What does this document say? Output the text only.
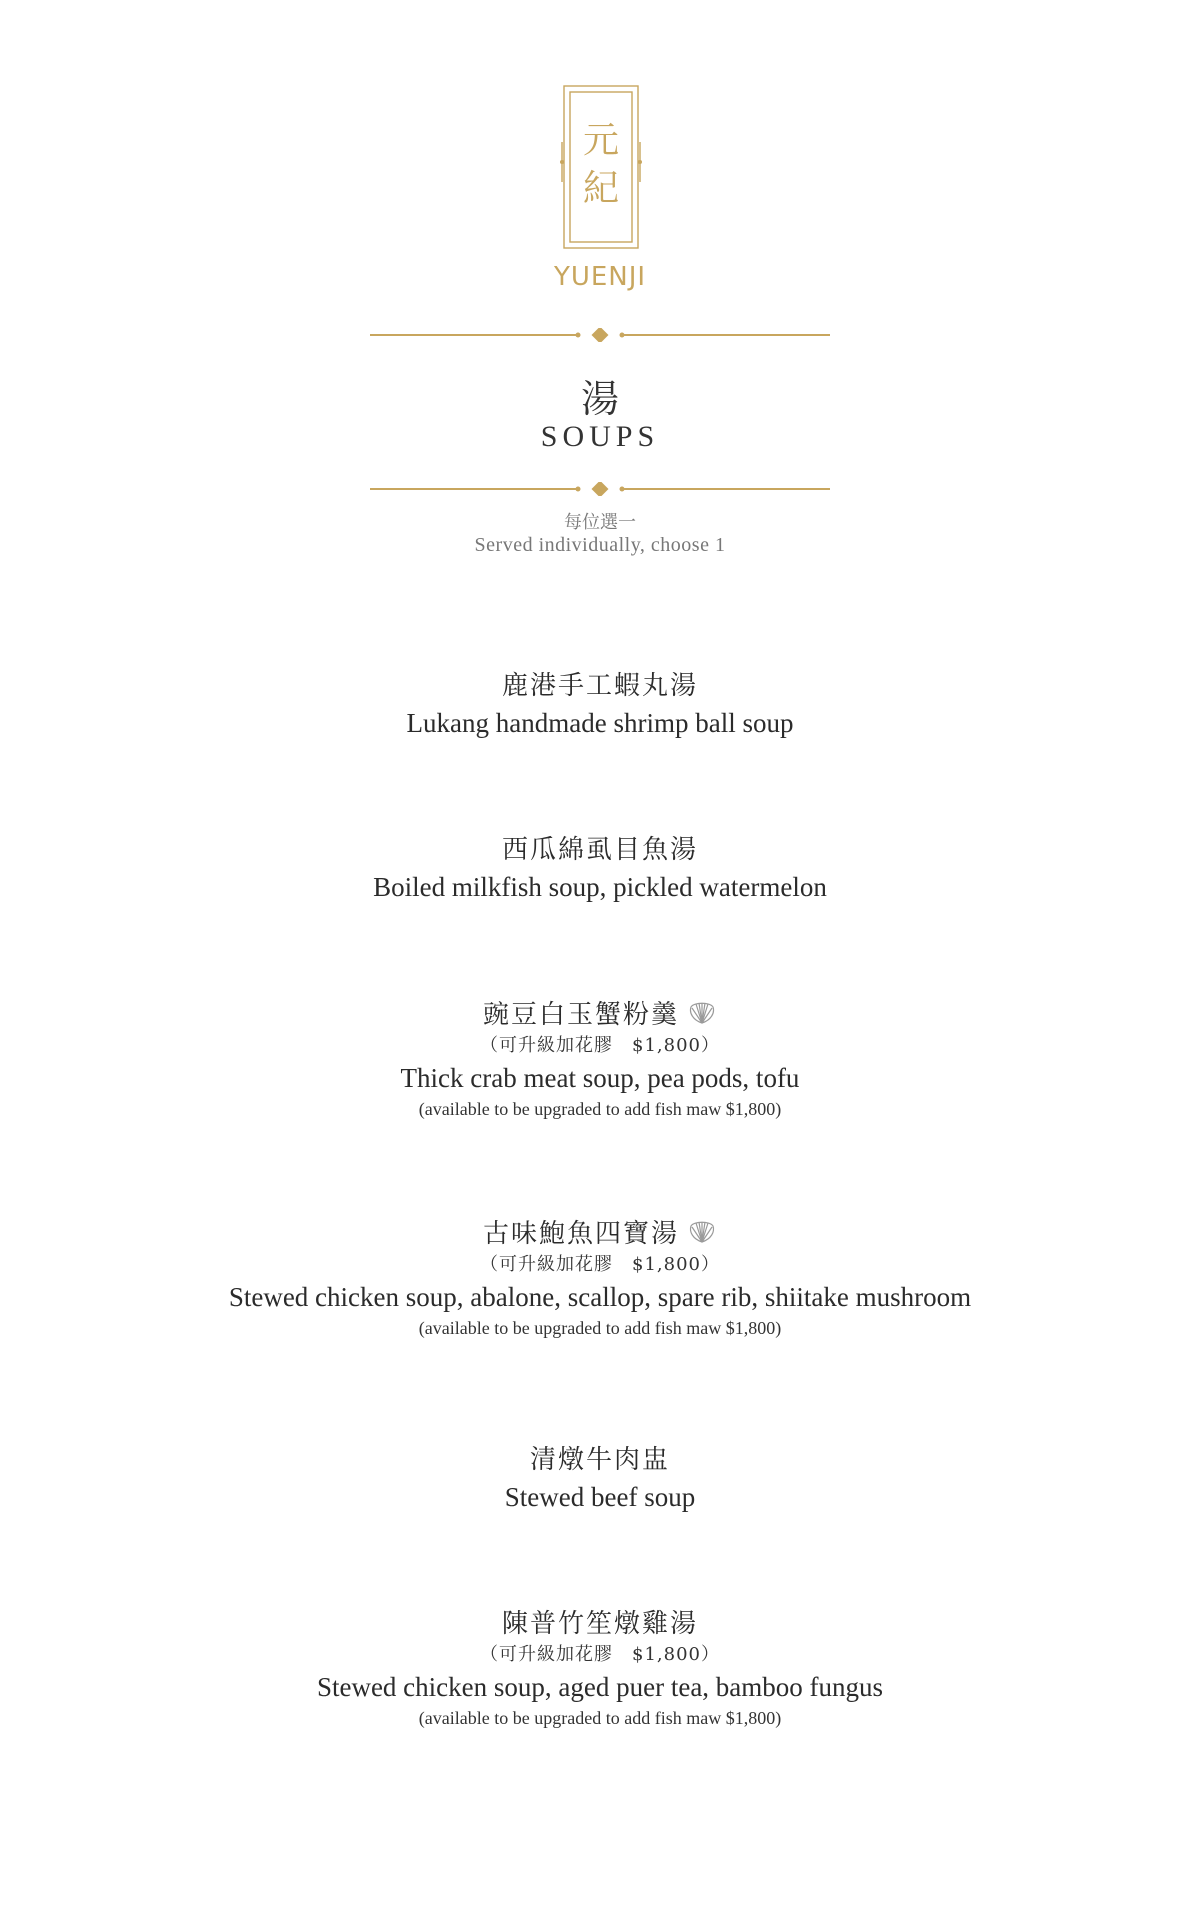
元
紀
YUENJI
湯
SOUPS
每位選一
Served individually, choose 1
鹿港手工蝦丸湯
Lukang handmade shrimp ball soup
西瓜綿虱目魚湯
Boiled milkfish soup, pickled watermelon
豌豆白玉蟹粉羹
（可升級加花膠　$1,800）
Thick crab meat soup, pea pods, tofu
(available to be upgraded to add fish maw $1,800)
古味鮑魚四寶湯
（可升級加花膠　$1,800）
Stewed chicken soup, abalone, scallop, spare rib, shiitake mushroom
(available to be upgraded to add fish maw $1,800)
清燉牛肉盅
Stewed beef soup
陳普竹笙燉雞湯
（可升級加花膠　$1,800）
Stewed chicken soup, aged puer tea, bamboo fungus
(available to be upgraded to add fish maw $1,800)
